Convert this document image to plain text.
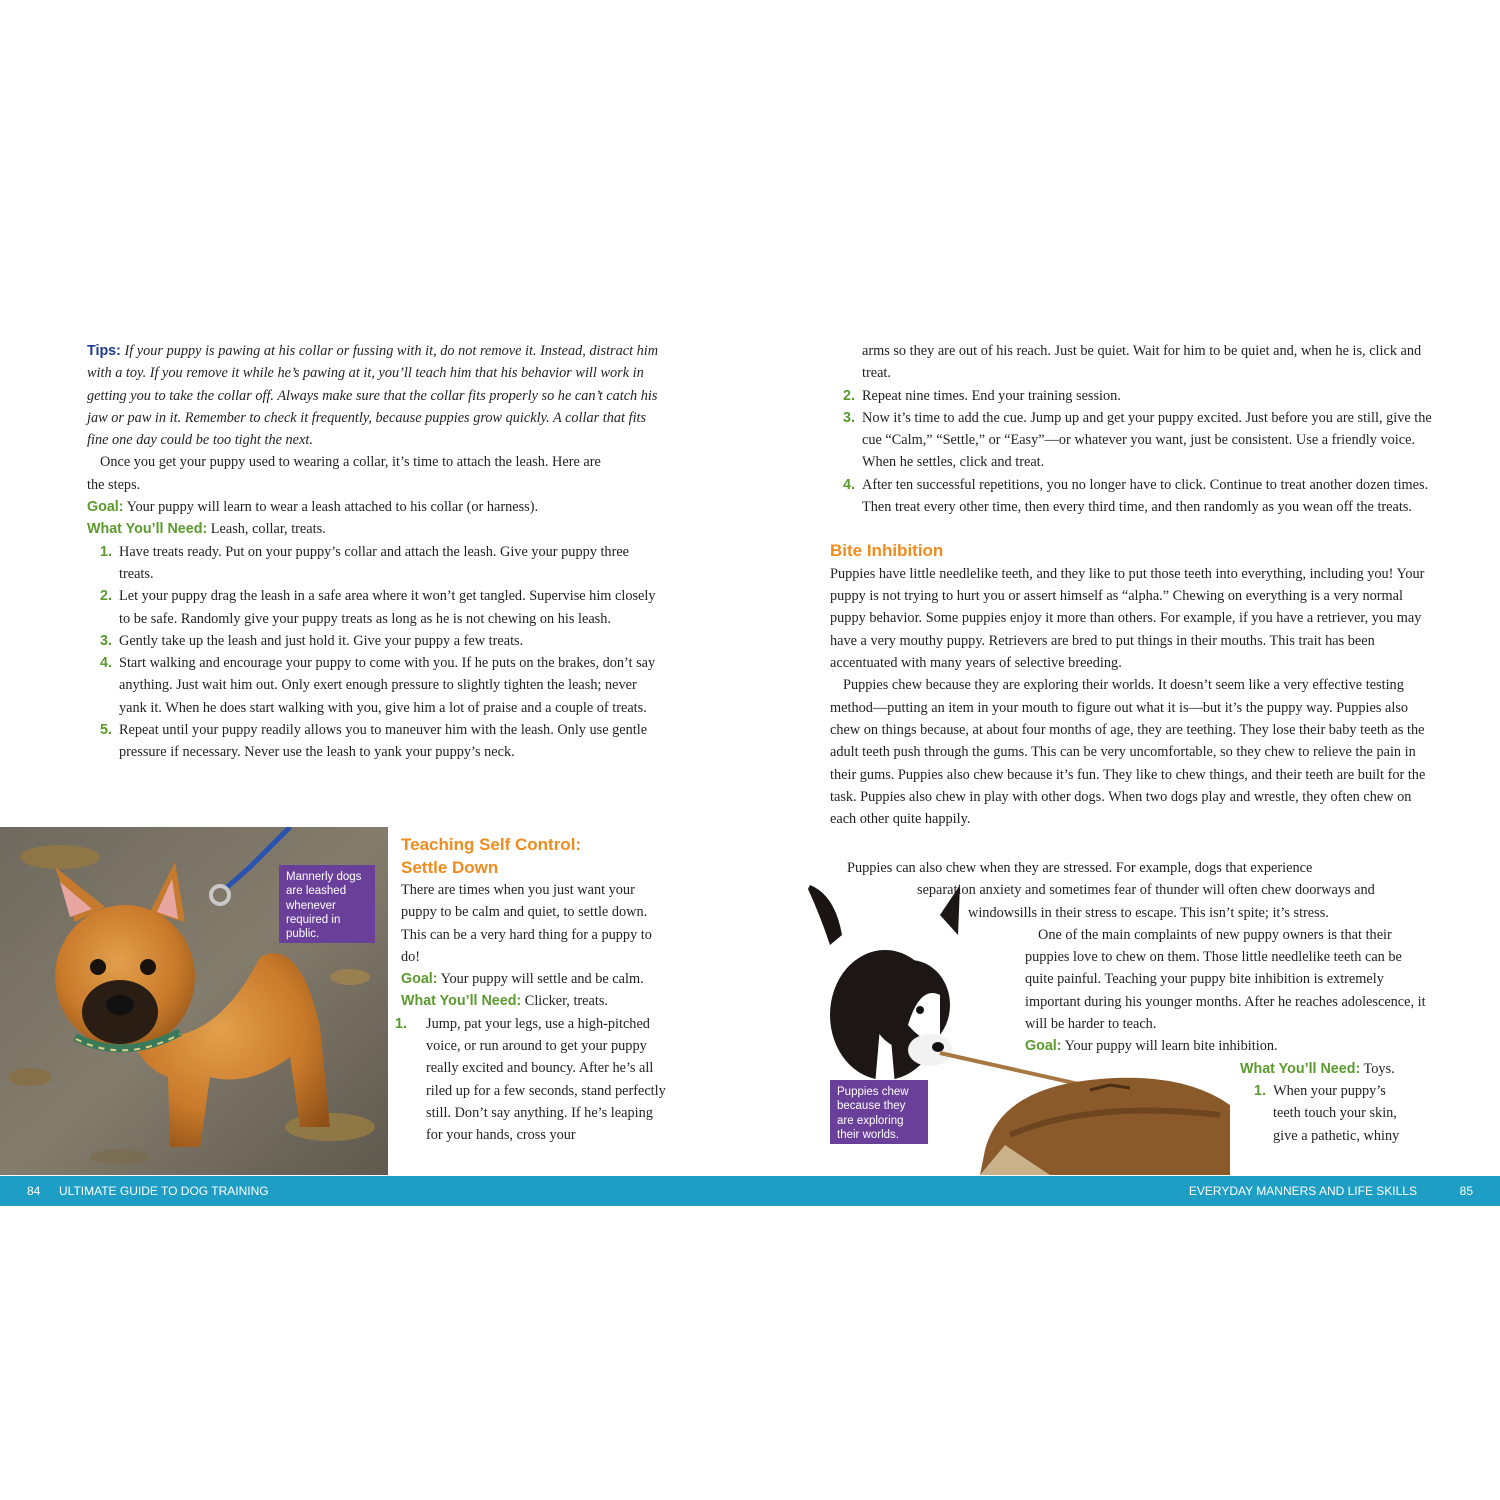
Tips: If your puppy is pawing at his collar or fussing with it, do not remove it. Instead, distract him with a toy. If you remove it while he’s pawing at it, you’ll teach him that his behavior will work in getting you to take the collar off. Always make sure that the collar fits properly so he can’t catch his jaw or paw in it. Remember to check it frequently, because puppies grow quickly. A collar that fits fine one day could be too tight the next.

Once you get your puppy used to wearing a collar, it’s time to attach the leash. Here are

the steps.

Goal: Your puppy will learn to wear a leash attached to his collar (or harness).

What You’ll Need: Leash, collar, treats.

1. Have treats ready. Put on your puppy’s collar and attach the leash. Give your puppy three treats.
2. Let your puppy drag the leash in a safe area where it won’t get tangled. Supervise him closely to be safe. Randomly give your puppy treats as long as he is not chewing on his leash.
3. Gently take up the leash and just hold it. Give your puppy a few treats.
4. Start walking and encourage your puppy to come with you. If he puts on the brakes, don’t say anything. Just wait him out. Only exert enough pressure to slightly tighten the leash; never yank it. When he does start walking with you, give him a lot of praise and a couple of treats.
5. Repeat until your puppy readily allows you to maneuver him with the leash. Only use gentle pressure if necessary. Never use the leash to yank your puppy’s neck.
Mannerly dogs are leashed whenever required in public.
Teaching Self Control:
Settle Down

There are times when you just want your puppy to be calm and quiet, to settle down. This can be a very hard thing for a puppy to do!

Goal: Your puppy will settle and be calm.

What You’ll Need: Clicker, treats.

1. Jump, pat your legs, use a high-pitched voice, or run around to get your puppy really excited and bouncy. After he’s all riled up for a few seconds, stand perfectly still. Don’t say anything. If he’s leaping for your hands, cross your
arms so they are out of his reach. Just be quiet. Wait for him to be quiet and, when he is, click and treat.
2. Repeat nine times. End your training session.
3. Now it’s time to add the cue. Jump up and get your puppy excited. Just before you are still, give the cue “Calm,” “Settle,” or “Easy”—or whatever you want, just be consistent. Use a friendly voice. When he settles, click and treat.
4. After ten successful repetitions, you no longer have to click. Continue to treat another dozen times. Then treat every other time, then every third time, and then randomly as you wean off the treats.
Bite Inhibition

Puppies have little needlelike teeth, and they like to put those teeth into everything, including you! Your puppy is not trying to hurt you or assert himself as “alpha.” Chewing on everything is a very normal puppy behavior. Some puppies enjoy it more than others. For example, if you have a retriever, you may have a very mouthy puppy. Retrievers are bred to put things in their mouths. This trait has been accentuated with many years of selective breeding.

Puppies chew because they are exploring their worlds. It doesn’t seem like a very effective testing method—putting an item in your mouth to figure out what it is—but it’s the puppy way. Puppies also chew on things because, at about four months of age, they are teething. They lose their baby teeth as the adult teeth push through the gums. This can be very uncomfortable, so they chew to relieve the pain in their gums. Puppies also chew because it’s fun. They like to chew things, and their teeth are built for the task. Puppies also chew in play with other dogs. When two dogs play and wrestle, they often chew on each other quite happily.

Puppies chew because they are exploring their worlds.

Puppies can also chew when they are stressed. For example, dogs that experience

separation anxiety and sometimes fear of thunder will often chew doorways and

windowsills in their stress to escape. This isn’t spite; it’s stress.

One of the main complaints of new puppy owners is that their

puppies love to chew on them. Those little needlelike teeth can be

quite painful. Teaching your puppy bite inhibition is extremely

important during his younger months. After he reaches adolescence, it

will be harder to teach.

Goal: Your puppy will learn bite inhibition.

What You’ll Need: Toys.

1. When your puppy’s

teeth touch your skin,

give a pathetic, whiny

84 ULTIMATE GUIDE TO DOG TRAINING	EVERYDAY MANNERS AND LIFE SKILLS	85
